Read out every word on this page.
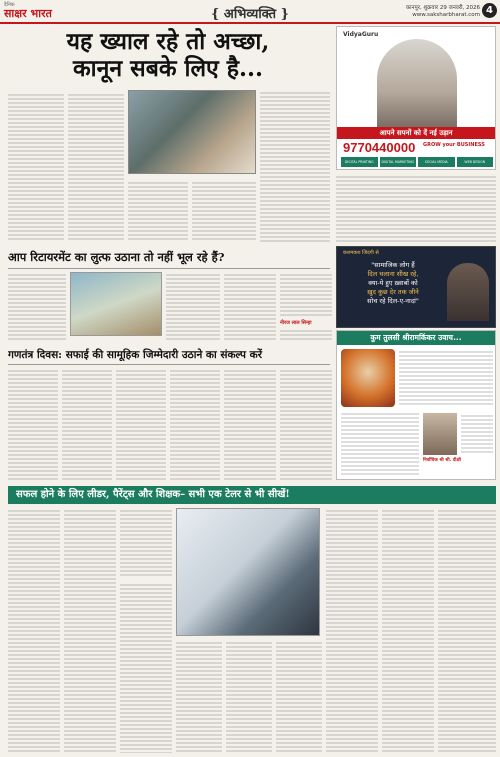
दैनिक
साक्षर भारत	{ अभिव्यक्ति }	कानपुर, शुक्रवार 29 जनवरी, 2026
www.saksharbharat.com 4
यह ख्याल रहे तो अच्छा,
कानून सबके लिए है...
VidyaGuru
आपने सपनों को दें नई उड़ान
GROW your BUSINESS
9770440000
DIGITAL PRINTING	DIGITAL MARKETING	SOCIAL MEDIA	WEB DESIGN
आप रिटायरमेंट का लुत्फ उठाना तो नहीं भूल रहे हैं?
नीरज लाल सिन्हा
कशमकश जिंदगी से
"सामाजिक लोग हैं
दिल चलाना सीख रहे,
क्या-ये हुए ख़्वाबों को
ख़ुद कुछ देर तक जीने
सोच रहे दिल-ए-नादां"
कुम तुलसी श्रीरामकिंकर उवाच...
निर्वाचिक श्री श्री. दीक्षी
गणतंत्र दिवस: सफाई की सामूहिक जिम्मेदारी उठाने का संकल्प करें
सफल होने के लिए लीडर, पैरेंट्स और शिक्षक– सभी एक टेलर से भी सीखें!
